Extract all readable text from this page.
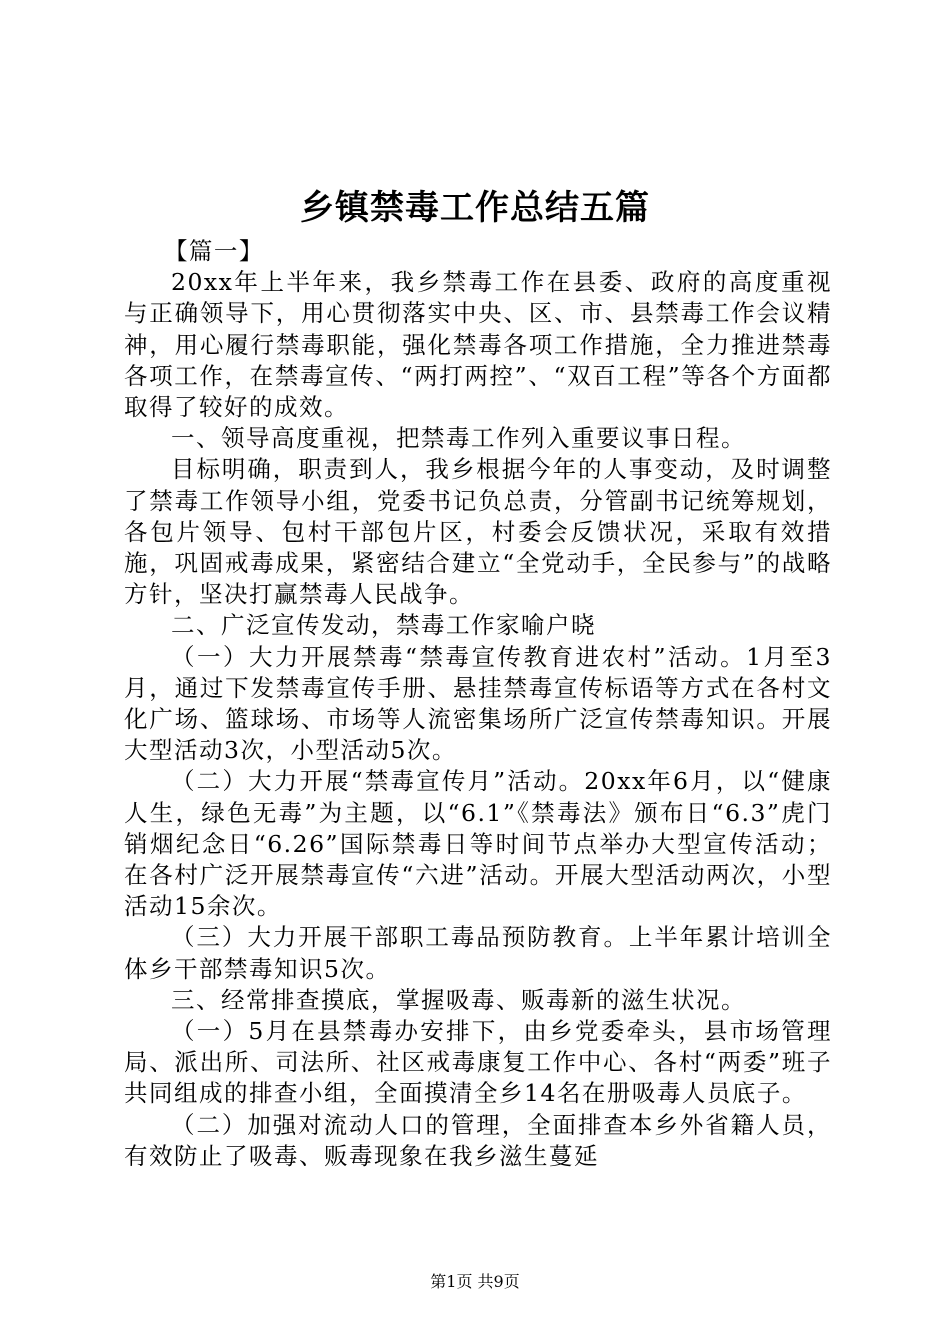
乡镇禁毒工作总结五篇

【篇一】

20xx年上半年来，我乡禁毒工作在县委、政府的高度重视与正确领导下，用心贯彻落实中央、区、市、县禁毒工作会议精神，用心履行禁毒职能，强化禁毒各项工作措施，全力推进禁毒各项工作，在禁毒宣传、“两打两控”、“双百工程”等各个方面都取得了较好的成效。

一、领导高度重视，把禁毒工作列入重要议事日程。

目标明确，职责到人，我乡根据今年的人事变动，及时调整了禁毒工作领导小组，党委书记负总责，分管副书记统筹规划，各包片领导、包村干部包片区，村委会反馈状况，采取有效措施，巩固戒毒成果，紧密结合建立“全党动手，全民参与”的战略方针，坚决打赢禁毒人民战争。

二、广泛宣传发动，禁毒工作家喻户晓

（一）大力开展禁毒“禁毒宣传教育进农村”活动。1月至3月，通过下发禁毒宣传手册、悬挂禁毒宣传标语等方式在各村文化广场、篮球场、市场等人流密集场所广泛宣传禁毒知识。开展大型活动3次，小型活动5次。

（二）大力开展“禁毒宣传月”活动。20xx年6月，以“健康人生，绿色无毒”为主题，以“6.1”《禁毒法》颁布日“6.3”虎门销烟纪念日“6.26”国际禁毒日等时间节点举办大型宣传活动；在各村广泛开展禁毒宣传“六进”活动。开展大型活动两次，小型活动15余次。

（三）大力开展干部职工毒品预防教育。上半年累计培训全体乡干部禁毒知识5次。

三、经常排查摸底，掌握吸毒、贩毒新的滋生状况。

（一）5月在县禁毒办安排下，由乡党委牵头，县市场管理局、派出所、司法所、社区戒毒康复工作中心、各村“两委”班子共同组成的排查小组，全面摸清全乡14名在册吸毒人员底子。

（二）加强对流动人口的管理，全面排查本乡外省籍人员，有效防止了吸毒、贩毒现象在我乡滋生蔓延

第1页 共9页
